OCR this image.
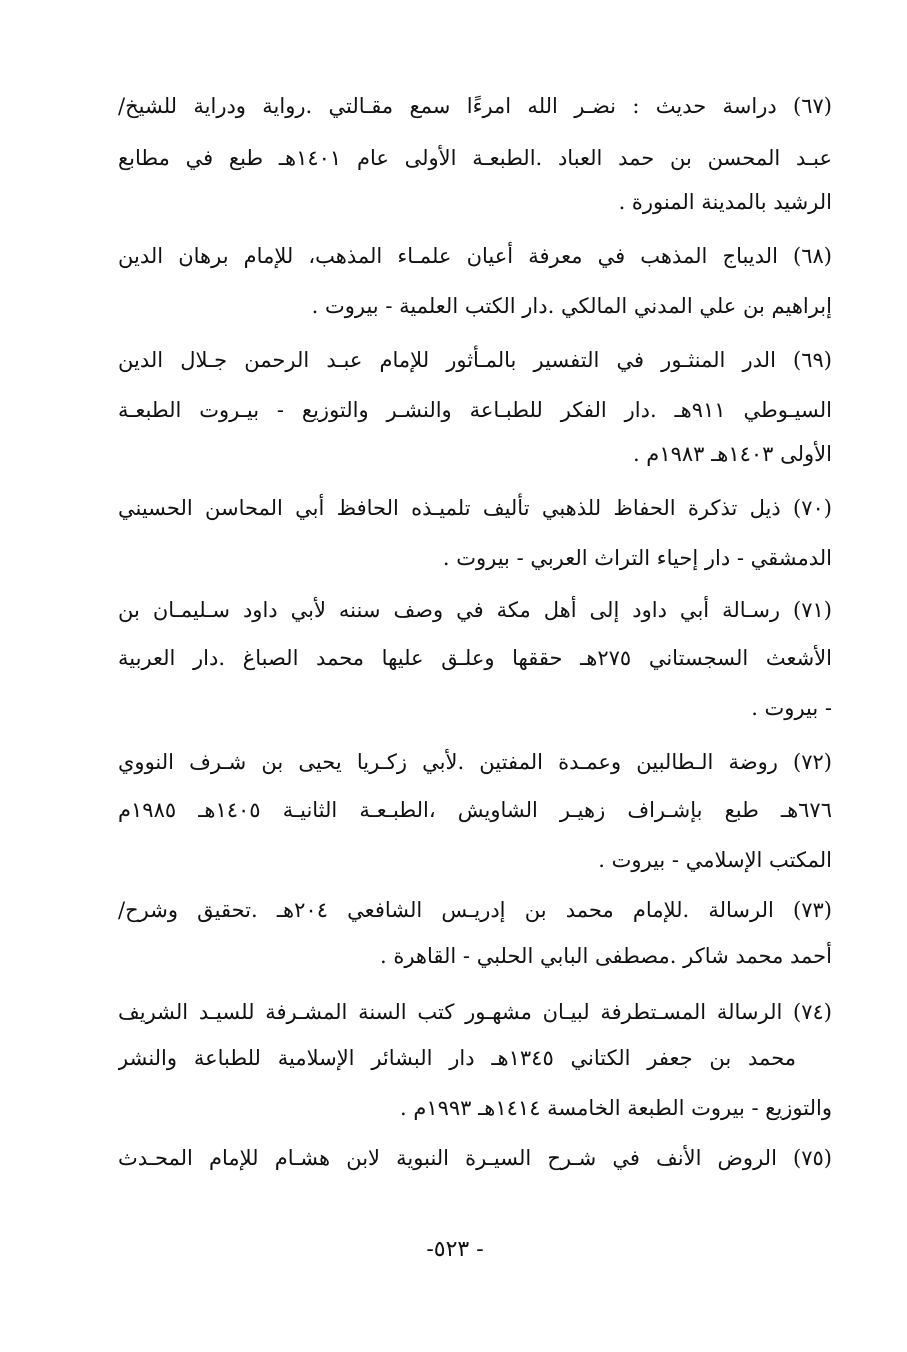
(٦٧) دراسة حديث : نضـر الله امرءًا سمع مقـالتي .رواية ودراية للشيخ/
عبـد المحسن بن حمد العباد .الطبعـة الأولى عام ١٤٠١هـ طبع في مطابع
الرشيد بالمدينة المنورة .
(٦٨) الديباج المذهب في معرفة أعيان علمـاء المذهب، للإمام برهان الدين
إبراهيم بن علي المدني المالكي .دار الكتب العلمية - بيروت .
(٦٩) الدر المنثـور في التفسير بالمـأثور للإمام عبـد الرحمن جـلال الدين
السيـوطي ٩١١هـ .دار الفكر للطبـاعة والنشـر والتوزيع - بيـروت الطبعـة
الأولى ١٤٠٣هـ ١٩٨٣م .
(٧٠) ذيل تذكرة الحفاظ للذهبي تأليف تلميـذه الحافظ أبي المحاسن الحسيني
الدمشقي - دار إحياء التراث العربي - بيروت .
(٧١) رسـالة أبي داود إلى أهل مكة في وصف سننه لأبي داود سـليمـان بن
الأشعث السجستاني ٢٧٥هـ حققها وعلـق عليها محمد الصباغ .دار العربية
- بيروت .
(٧٢) روضة الـطالبين وعمـدة المفتين .لأبي زكـريا يحيى بن شـرف النووي
٦٧٦هـ طبع بإشـراف زهيـر الشاويش ،الطبـعـة الثانيـة ١٤٠٥هـ ١٩٨٥م
المكتب الإسلامي - بيروت .
(٧٣) الرسالة .للإمام محمد بن إدريـس الشافعي ٢٠٤هـ .تحقيق وشرح/
أحمد محمد شاكر .مصطفى البابي الحلبي - القاهرة .
(٧٤) الرسالة المسـتطرفة لبيـان مشهـور كتب السنة المشـرفة للسيـد الشريف
محمد بن جعفر الكتاني ١٣٤٥هـ دار البشائر الإسلامية للطباعة والنشر
والتوزيع - بيروت الطبعة الخامسة ١٤١٤هـ ١٩٩٣م .
(٧٥) الروض الأنف في شـرح السيـرة النبوية لابن هشـام للإمام المحـدث
- ٥٢٣-
